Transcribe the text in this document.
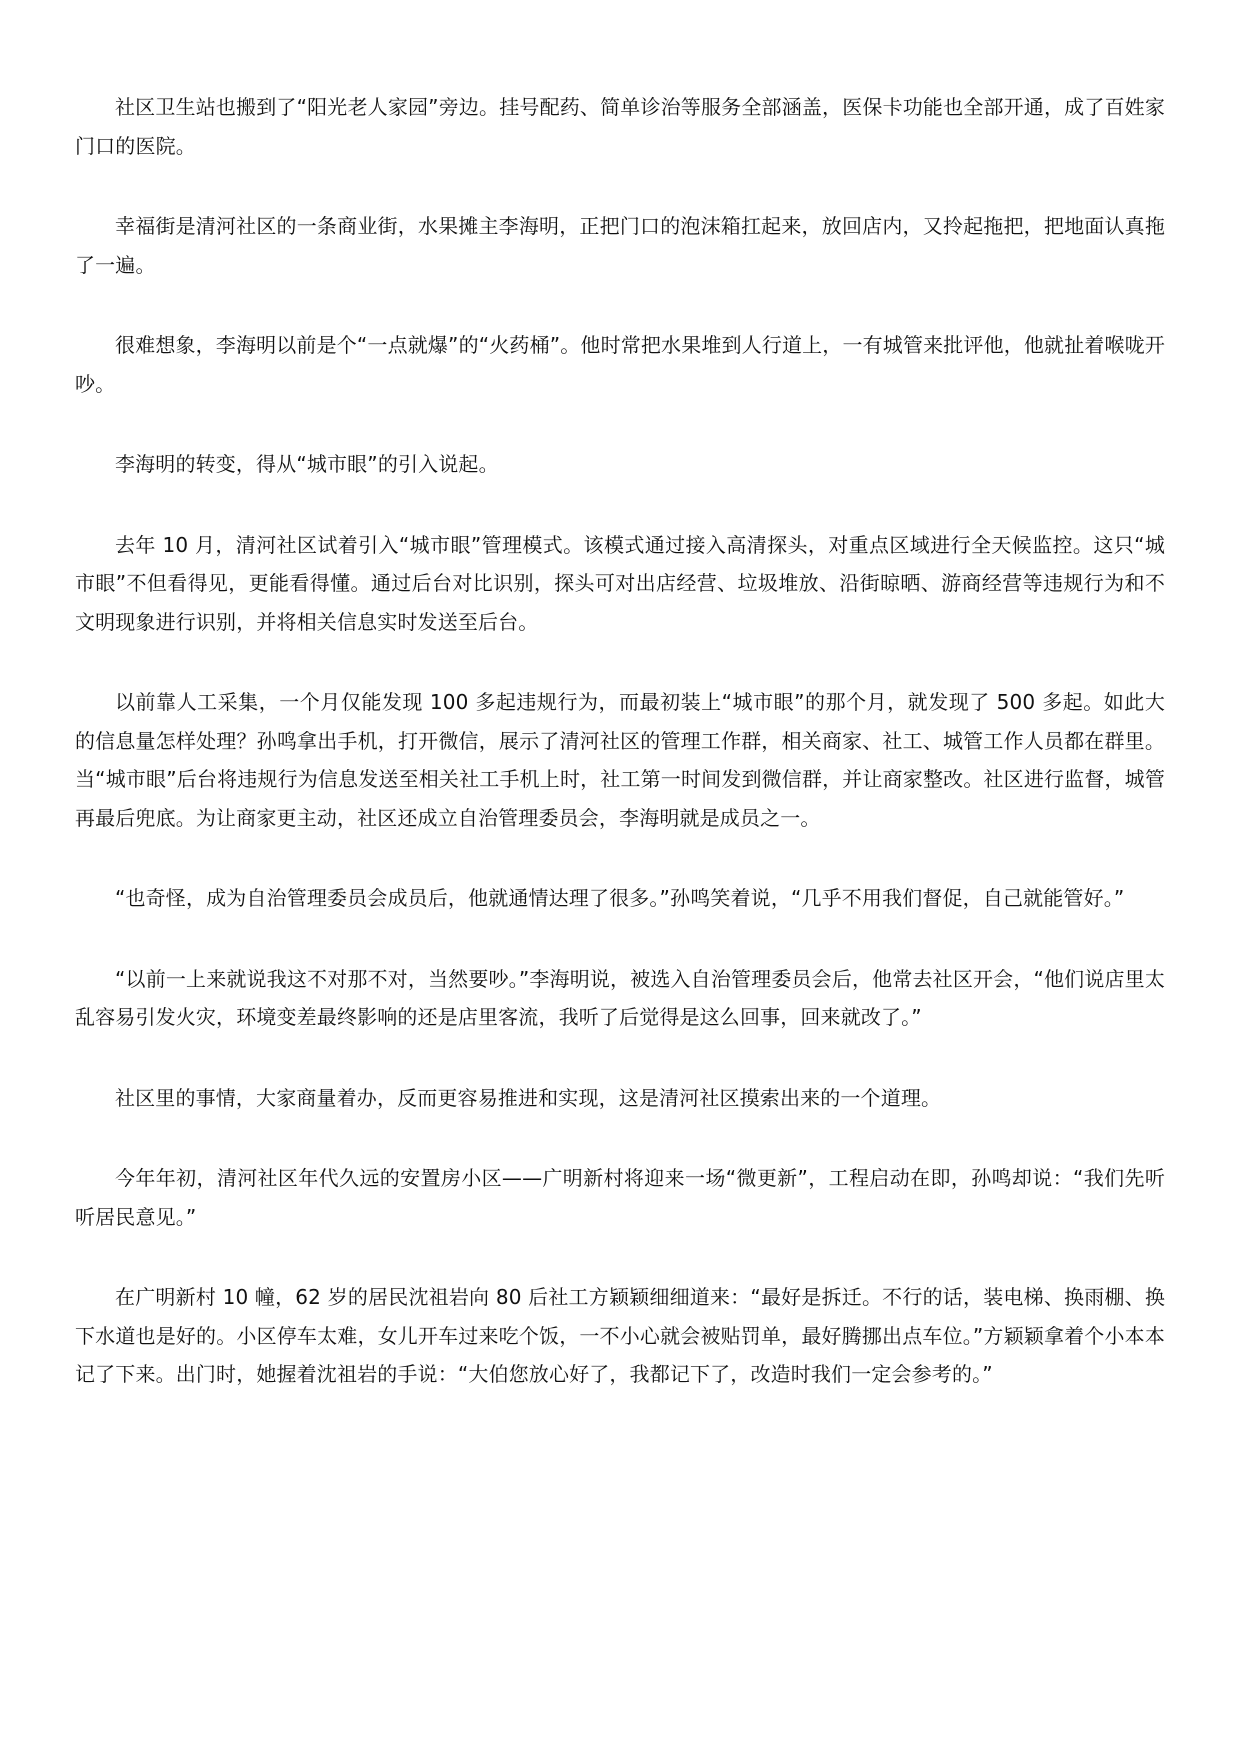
社区卫生站也搬到了“阳光老人家园”旁边。挂号配药、简单诊治等服务全部涵盖，医保卡功能也全部开通，成了百姓家门口的医院。

幸福街是清河社区的一条商业街，水果摊主李海明，正把门口的泡沫箱扛起来，放回店内，又拎起拖把，把地面认真拖了一遍。

很难想象，李海明以前是个“一点就爆”的“火药桶”。他时常把水果堆到人行道上，一有城管来批评他，他就扯着喉咙开吵。

李海明的转变，得从“城市眼”的引入说起。

去年 10 月，清河社区试着引入“城市眼”管理模式。该模式通过接入高清探头，对重点区域进行全天候监控。这只“城市眼”不但看得见，更能看得懂。通过后台对比识别，探头可对出店经营、垃圾堆放、沿街晾晒、游商经营等违规行为和不文明现象进行识别，并将相关信息实时发送至后台。

以前靠人工采集，一个月仅能发现 100 多起违规行为，而最初装上“城市眼”的那个月，就发现了 500 多起。如此大的信息量怎样处理？孙鸣拿出手机，打开微信，展示了清河社区的管理工作群，相关商家、社工、城管工作人员都在群里。当“城市眼”后台将违规行为信息发送至相关社工手机上时，社工第一时间发到微信群，并让商家整改。社区进行监督，城管再最后兜底。为让商家更主动，社区还成立自治管理委员会，李海明就是成员之一。

“也奇怪，成为自治管理委员会成员后，他就通情达理了很多。”孙鸣笑着说，“几乎不用我们督促，自己就能管好。”

“以前一上来就说我这不对那不对，当然要吵。”李海明说，被选入自治管理委员会后，他常去社区开会，“他们说店里太乱容易引发火灾，环境变差最终影响的还是店里客流，我听了后觉得是这么回事，回来就改了。”

社区里的事情，大家商量着办，反而更容易推进和实现，这是清河社区摸索出来的一个道理。

今年年初，清河社区年代久远的安置房小区——广明新村将迎来一场“微更新”，工程启动在即，孙鸣却说：“我们先听听居民意见。”

在广明新村 10 幢，62 岁的居民沈祖岩向 80 后社工方颖颖细细道来：“最好是拆迁。不行的话，装电梯、换雨棚、换下水道也是好的。小区停车太难，女儿开车过来吃个饭，一不小心就会被贴罚单，最好腾挪出点车位。”方颖颖拿着个小本本记了下来。出门时，她握着沈祖岩的手说：“大伯您放心好了，我都记下了，改造时我们一定会参考的。”
